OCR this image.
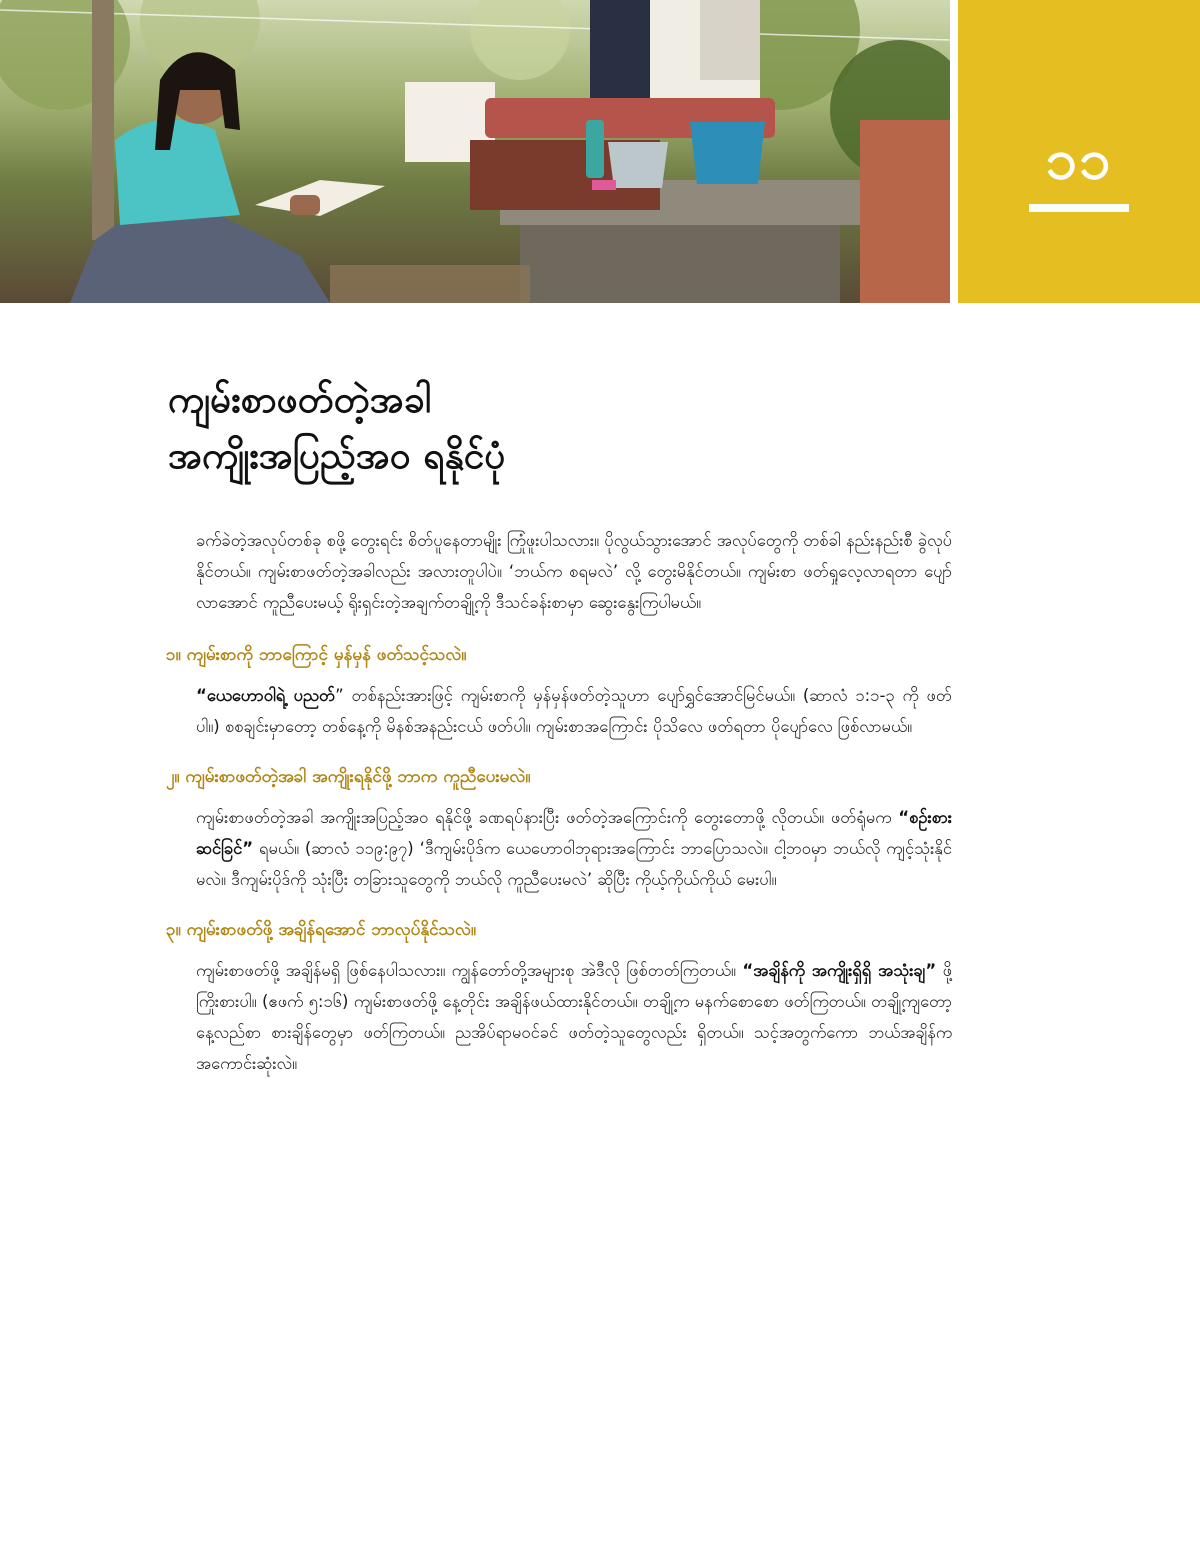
၁၁
ကျမ်းစာဖတ်တဲ့အခါ
အကျိုးအပြည့်အဝ ရနိုင်ပုံ

ခက်ခဲတဲ့အလုပ်တစ်ခု စဖို့ တွေးရင်း စိတ်ပူနေတာမျိုး ကြုံဖူးပါသလား။ ပိုလွယ်သွားအောင် အလုပ်တွေကို တစ်ခါ နည်းနည်းစီ ခွဲလုပ်နိုင်တယ်။ ကျမ်းစာဖတ်တဲ့အခါလည်း အလားတူပါပဲ။ ‘ဘယ်က စရမလဲ’ လို့ တွေးမိနိုင်တယ်။ ကျမ်းစာ ဖတ်ရှုလေ့လာရတာ ပျော်လာအောင် ကူညီပေးမယ့် ရိုးရှင်းတဲ့အချက်တချို့ကို ဒီသင်ခန်းစာမှာ ဆွေးနွေးကြပါမယ်။

၁။ ကျမ်းစာကို ဘာကြောင့် မှန်မှန် ဖတ်သင့်သလဲ။

“ယေဟောဝါရဲ့ ပညတ်” တစ်နည်းအားဖြင့် ကျမ်းစာကို မှန်မှန်ဖတ်တဲ့သူဟာ ပျော်ရွှင်အောင်မြင်မယ်။ (ဆာလံ ၁:၁-၃ ကို ဖတ်ပါ။) စစချင်းမှာတော့ တစ်နေ့ကို မိနစ်အနည်းငယ် ဖတ်ပါ။ ကျမ်းစာအကြောင်း ပိုသိလေ ဖတ်ရတာ ပိုပျော်လေ ဖြစ်လာမယ်။

၂။ ကျမ်းစာဖတ်တဲ့အခါ အကျိုးရနိုင်ဖို့ ဘာက ကူညီပေးမလဲ။

ကျမ်းစာဖတ်တဲ့အခါ အကျိုးအပြည့်အဝ ရနိုင်ဖို့ ခဏရပ်နားပြီး ဖတ်တဲ့အကြောင်းကို တွေးတောဖို့ လိုတယ်။ ဖတ်ရုံမက “စဉ်းစားဆင်ခြင်” ရမယ်။ (ဆာလံ ၁၁၉:၉၇) ‘ဒီကျမ်းပိုဒ်က ယေဟောဝါဘုရားအကြောင်း ဘာပြောသလဲ။ ငါ့ဘဝမှာ ဘယ်လို ကျင့်သုံးနိုင်မလဲ။ ဒီကျမ်းပိုဒ်ကို သုံးပြီး တခြားသူတွေကို ဘယ်လို ကူညီပေးမလဲ’ ဆိုပြီး ကိုယ့်ကိုယ်ကိုယ် မေးပါ။

၃။ ကျမ်းစာဖတ်ဖို့ အချိန်ရအောင် ဘာလုပ်နိုင်သလဲ။

ကျမ်းစာဖတ်ဖို့ အချိန်မရှိ ဖြစ်နေပါသလား။ ကျွန်တော်တို့အများစု အဲဒီလို ဖြစ်တတ်ကြတယ်။ “အချိန်ကို အကျိုးရှိရှိ အသုံးချ” ဖို့ ကြိုးစားပါ။ (ဧဖက် ၅:၁၆) ကျမ်းစာဖတ်ဖို့ နေ့တိုင်း အချိန်ဖယ်ထားနိုင်တယ်။ တချို့က မနက်စောစော ဖတ်ကြတယ်။ တချို့ကျတော့ နေ့လည်စာ စားချိန်တွေမှာ ဖတ်ကြတယ်။ ညအိပ်ရာမဝင်ခင် ဖတ်တဲ့သူတွေလည်း ရှိတယ်။ သင့်အတွက်ကော ဘယ်အချိန်က အကောင်းဆုံးလဲ။
